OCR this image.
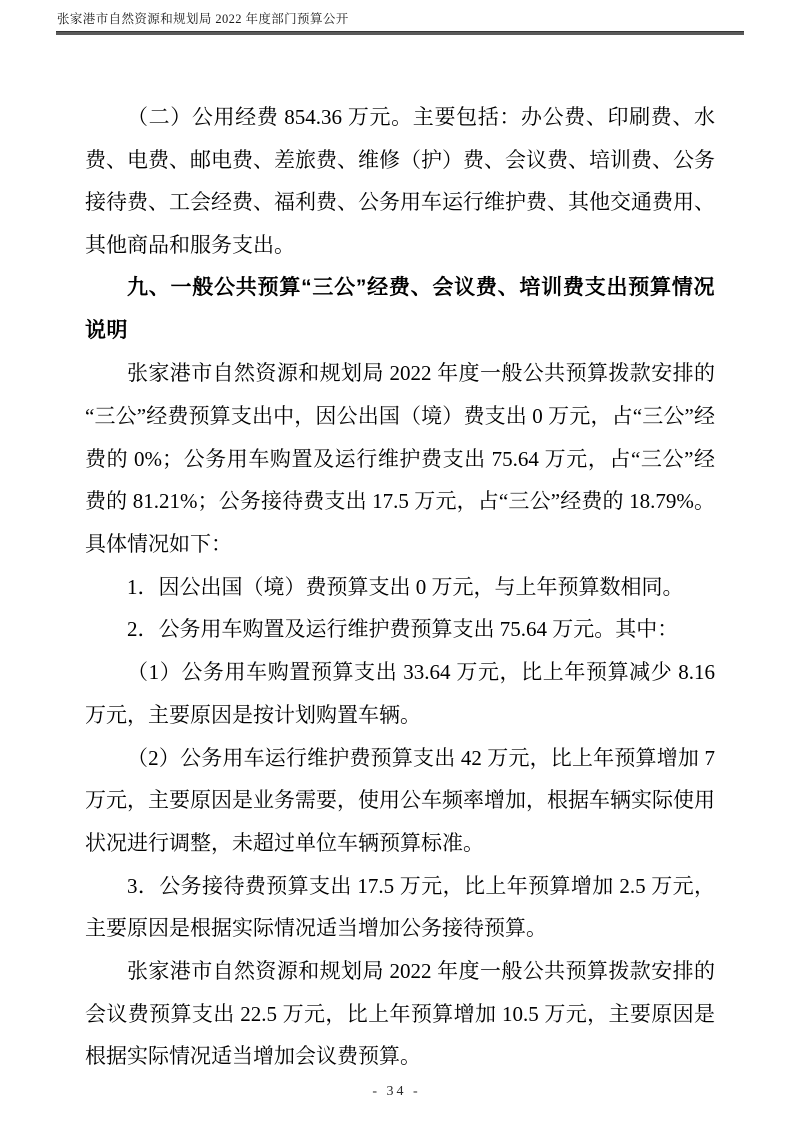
张家港市自然资源和规划局 2022 年度部门预算公开

（二）公用经费 854.36 万元。主要包括：办公费、印刷费、水费、电费、邮电费、差旅费、维修（护）费、会议费、培训费、公务接待费、工会经费、福利费、公务用车运行维护费、其他交通费用、其他商品和服务支出。

九、一般公共预算“三公”经费、会议费、培训费支出预算情况说明

张家港市自然资源和规划局 2022 年度一般公共预算拨款安排的“三公”经费预算支出中，因公出国（境）费支出 0 万元，占“三公”经费的 0%；公务用车购置及运行维护费支出 75.64 万元，占“三公”经费的 81.21%；公务接待费支出 17.5 万元，占“三公”经费的 18.79%。具体情况如下：

1．因公出国（境）费预算支出 0 万元，与上年预算数相同。

2．公务用车购置及运行维护费预算支出 75.64 万元。其中：

（1）公务用车购置预算支出 33.64 万元，比上年预算减少 8.16 万元，主要原因是按计划购置车辆。

（2）公务用车运行维护费预算支出 42 万元，比上年预算增加 7 万元，主要原因是业务需要，使用公车频率增加，根据车辆实际使用状况进行调整，未超过单位车辆预算标准。

3．公务接待费预算支出 17.5 万元，比上年预算增加 2.5 万元，主要原因是根据实际情况适当增加公务接待预算。

张家港市自然资源和规划局 2022 年度一般公共预算拨款安排的会议费预算支出 22.5 万元，比上年预算增加 10.5 万元，主要原因是根据实际情况适当增加会议费预算。

- 34 -
